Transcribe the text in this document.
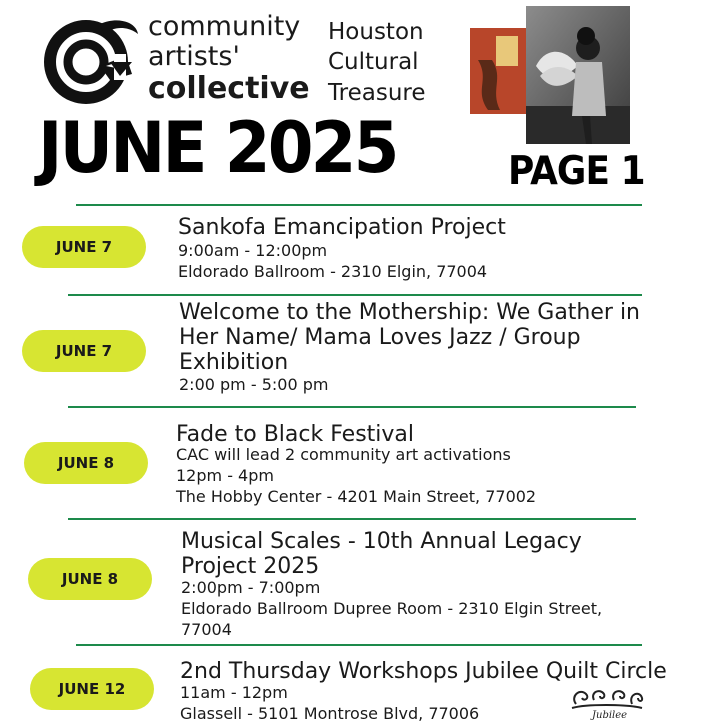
community
artists'
collective
Houston
Cultural
Treasure
JUNE 2025	PAGE 1
JUNE 7
Sankofa Emancipation Project
9:00am - 12:00pm
Eldorado Ballroom - 2310 Elgin, 77004
JUNE 7
Welcome to the Mothership: We Gather in Her Name/ Mama Loves Jazz / Group Exhibition
2:00 pm - 5:00 pm
JUNE 8
Fade to Black Festival
CAC will lead 2 community art activations
12pm - 4pm
The Hobby Center - 4201 Main Street, 77002
JUNE 8
Musical Scales - 10th Annual Legacy Project 2025
2:00pm - 7:00pm
Eldorado Ballroom Dupree Room - 2310 Elgin Street, 77004
JUNE 12
2nd Thursday Workshops Jubilee Quilt Circle
11am - 12pm
Glassell - 5101 Montrose Blvd, 77006	Jubilee
